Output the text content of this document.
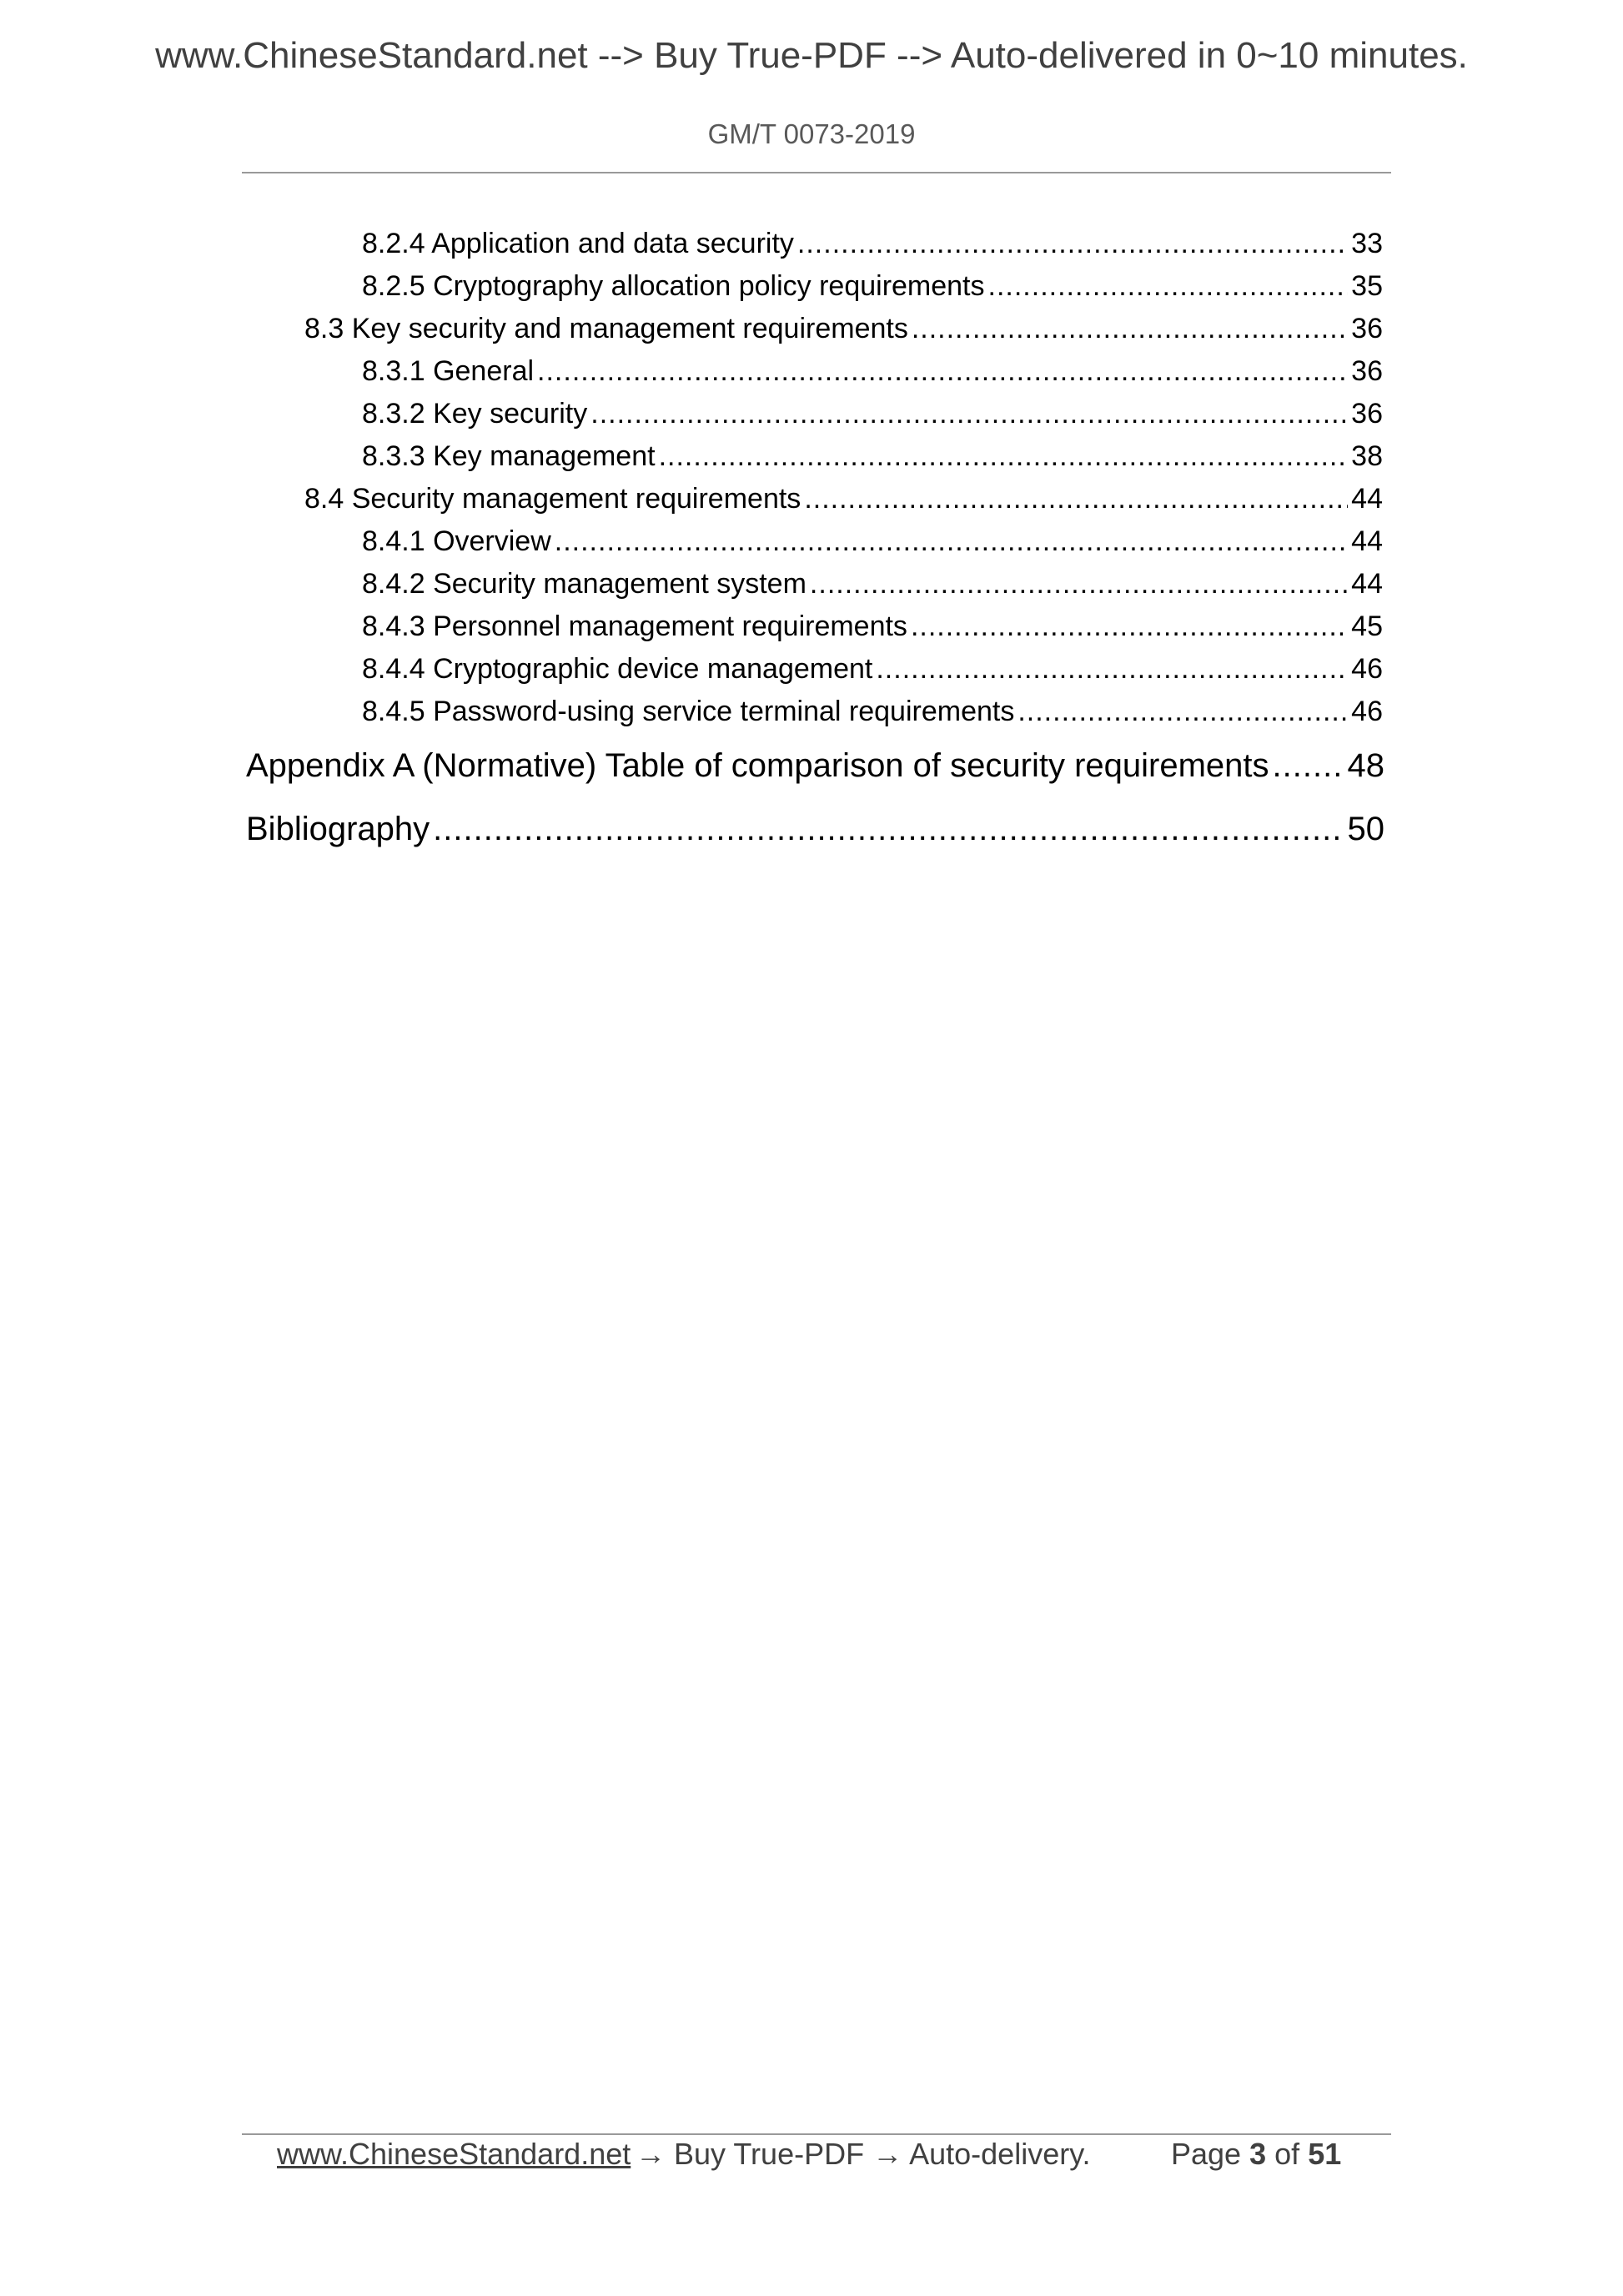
www.ChineseStandard.net --> Buy True-PDF --> Auto-delivered in 0~10 minutes.
GM/T 0073-2019
8.2.4 Application and data security .....	33
8.2.5 Cryptography allocation policy requirements .....	35
8.3 Key security and management requirements .....	36
8.3.1 General .....	36
8.3.2 Key security .....	36
8.3.3 Key management .....	38
8.4 Security management requirements .....	44
8.4.1 Overview .....	44
8.4.2 Security management system .....	44
8.4.3 Personnel management requirements .....	45
8.4.4 Cryptographic device management .....	46
8.4.5 Password-using service terminal requirements .....	46
Appendix A (Normative) Table of comparison of security requirements ..... 48
Bibliography .....	50
www.ChineseStandard.net → Buy True-PDF → Auto-delivery.	Page 3 of 51
